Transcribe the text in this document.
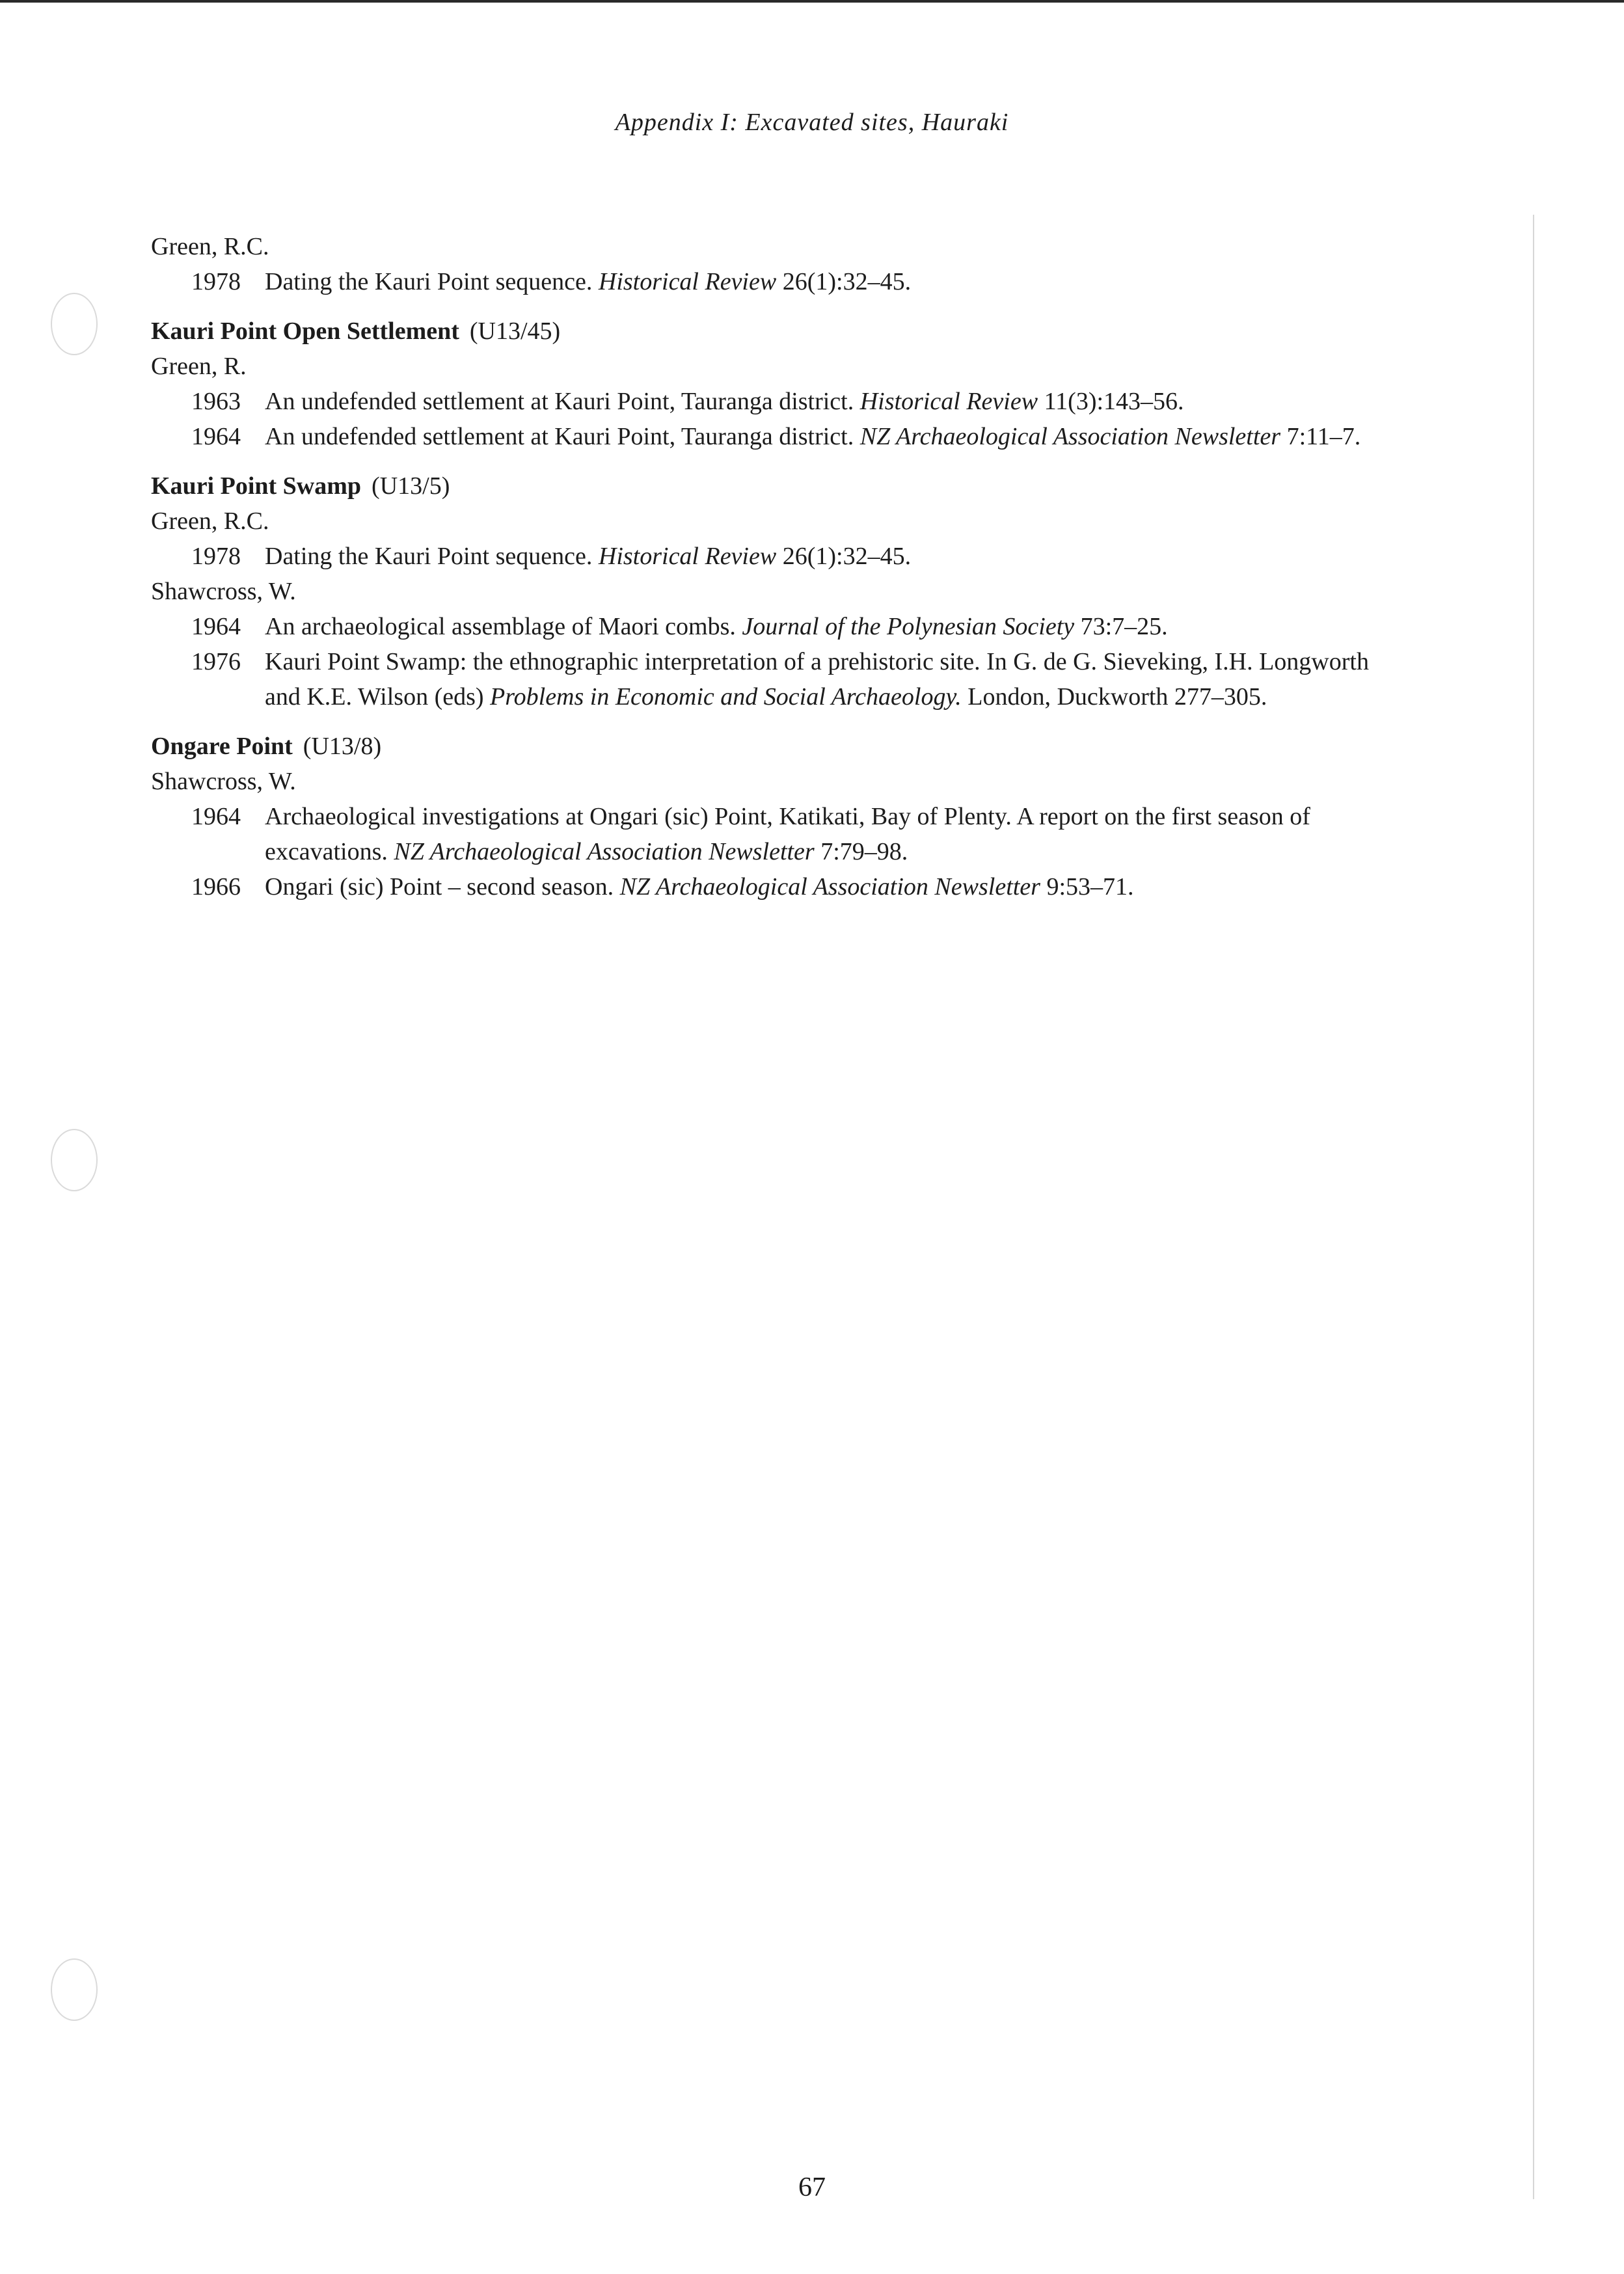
Appendix I: Excavated sites, Hauraki
Green, R.C.
1978 Dating the Kauri Point sequence. Historical Review 26(1):32–45.
Kauri Point Open Settlement (U13/45)
Green, R.
1963 An undefended settlement at Kauri Point, Tauranga district. Historical Review 11(3):143–56.
1964 An undefended settlement at Kauri Point, Tauranga district. NZ Archaeological Association Newsletter 7:11–7.
Kauri Point Swamp (U13/5)
Green, R.C.
1978 Dating the Kauri Point sequence. Historical Review 26(1):32–45.
Shawcross, W.
1964 An archaeological assemblage of Maori combs. Journal of the Polynesian Society 73:7–25.
1976 Kauri Point Swamp: the ethnographic interpretation of a prehistoric site. In G. de G. Sieveking, I.H. Longworth and K.E. Wilson (eds) Problems in Economic and Social Archaeology. London, Duckworth 277–305.
Ongare Point (U13/8)
Shawcross, W.
1964 Archaeological investigations at Ongari (sic) Point, Katikati, Bay of Plenty. A report on the first season of excavations. NZ Archaeological Association Newsletter 7:79–98.
1966 Ongari (sic) Point – second season. NZ Archaeological Association Newsletter 9:53–71.
67
